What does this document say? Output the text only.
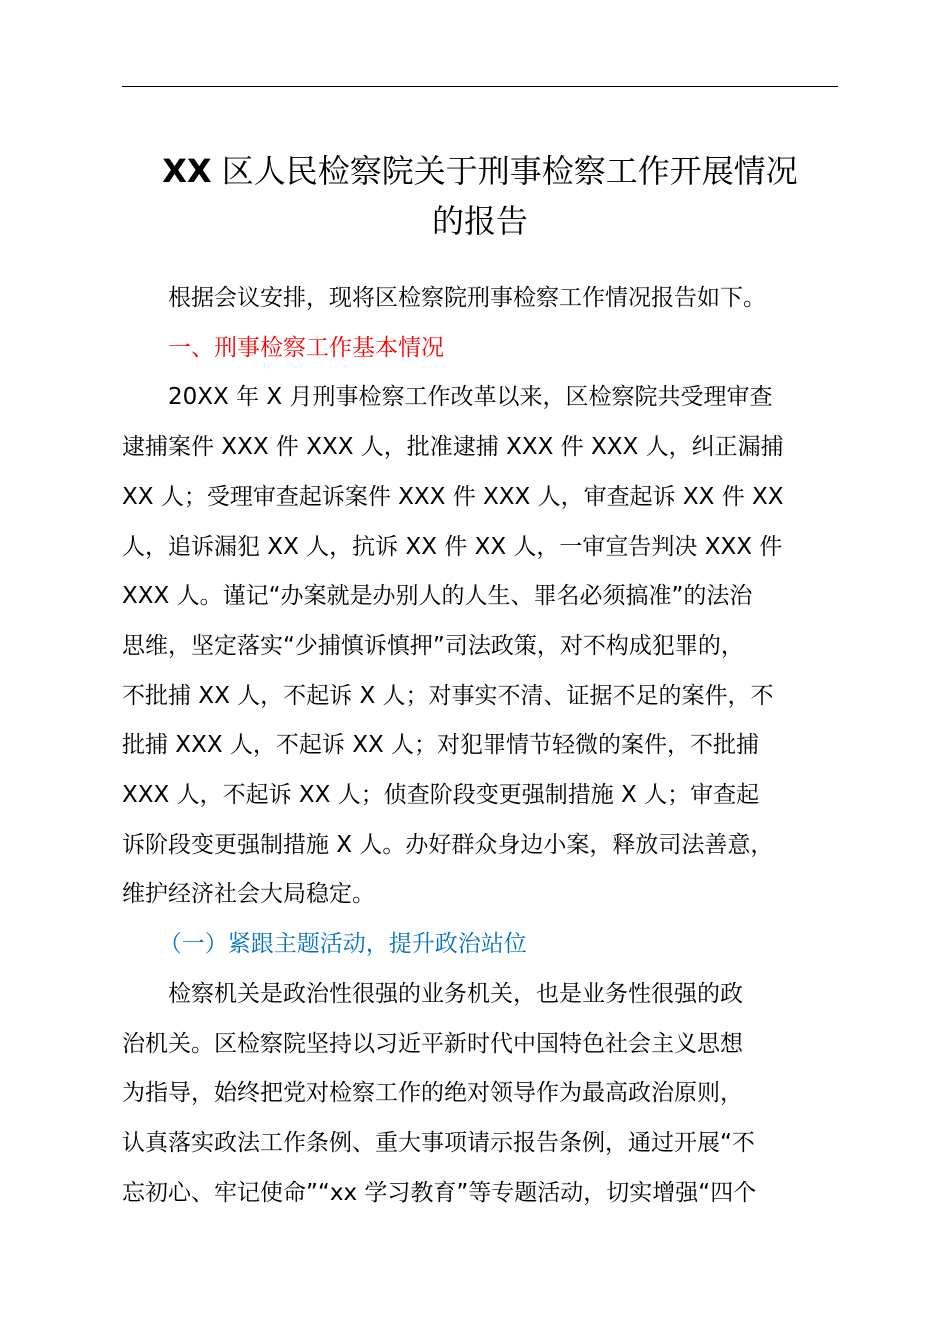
XX 区人民检察院关于刑事检察工作开展情况
的报告

根据会议安排，现将区检察院刑事检察工作情况报告如下。

一、刑事检察工作基本情况

20XX 年 X 月刑事检察工作改革以来，区检察院共受理审查
逮捕案件 XXX 件 XXX 人，批准逮捕 XXX 件 XXX 人，纠正漏捕
XX 人；受理审查起诉案件 XXX 件 XXX 人，审查起诉 XX 件 XX
人，追诉漏犯 XX 人，抗诉 XX 件 XX 人，一审宣告判决 XXX 件
XXX 人。谨记“办案就是办别人的人生、罪名必须搞准”的法治
思维，坚定落实“少捕慎诉慎押”司法政策，对不构成犯罪的，
不批捕 XX 人，不起诉 X 人；对事实不清、证据不足的案件，不
批捕 XXX 人，不起诉 XX 人；对犯罪情节轻微的案件，不批捕
XXX 人，不起诉 XX 人；侦查阶段变更强制措施 X 人；审查起
诉阶段变更强制措施 X 人。办好群众身边小案，释放司法善意，
维护经济社会大局稳定。

（一）紧跟主题活动，提升政治站位

检察机关是政治性很强的业务机关，也是业务性很强的政
治机关。区检察院坚持以习近平新时代中国特色社会主义思想
为指导，始终把党对检察工作的绝对领导作为最高政治原则，
认真落实政法工作条例、重大事项请示报告条例，通过开展“不
忘初心、牢记使命”“xx 学习教育”等专题活动，切实增强“四个
